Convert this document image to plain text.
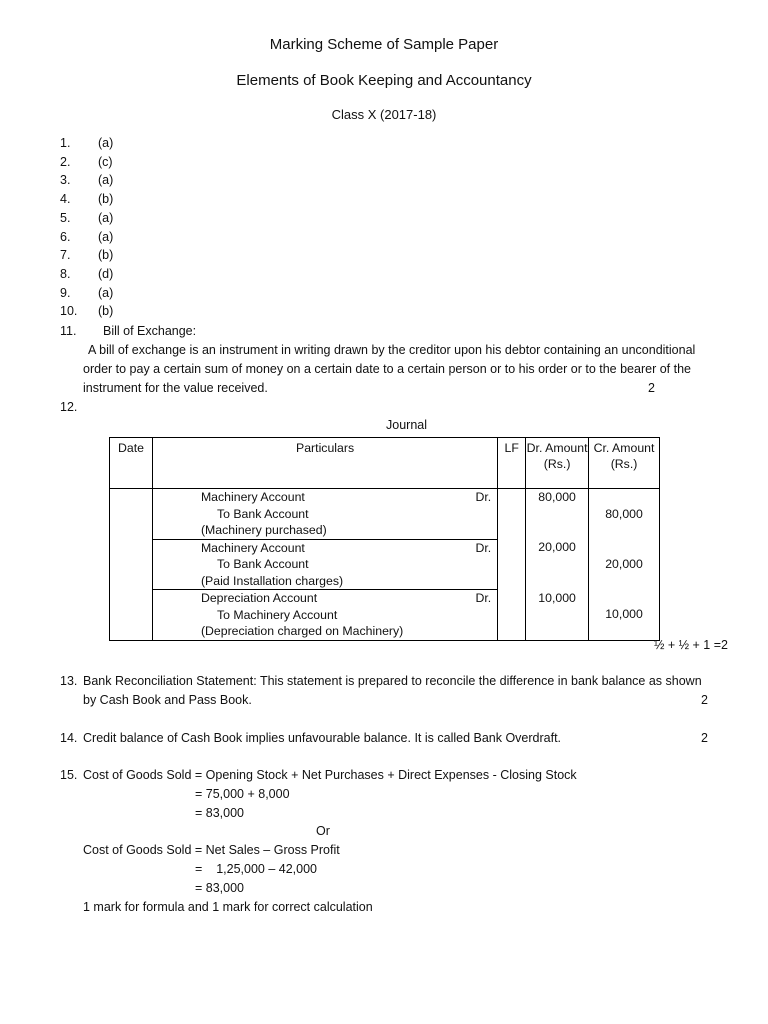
Marking Scheme of Sample Paper
Elements of Book Keeping and Accountancy
Class X (2017-18)
1. (a)
2. (c)
3. (a)
4. (b)
5. (a)
6. (a)
7. (b)
8. (d)
9. (a)
10. (b)
11. Bill of Exchange:
A bill of exchange is an instrument in writing drawn by the creditor upon his debtor containing an unconditional
order to pay a certain sum of money on a certain date to a certain person or to his order or to the bearer of the
instrument for the value received.	2
12.
Journal
Date	Particulars	LF	Dr. Amount (Rs.)	Cr. Amount (Rs.)

	Machinery Account Dr.
To Bank Account
(Machinery purchased)		80,000	80,000

	Machinery Account Dr.
To Bank Account
(Paid Installation charges)		20,000	20,000

	Depreciation Account Dr.
To Machinery Account
(Depreciation charged on Machinery)		10,000	10,000
½ + ½ + 1 =2
13. Bank Reconciliation Statement: This statement is prepared to reconcile the difference in bank balance as shown
by Cash Book and Pass Book.	2
14. Credit balance of Cash Book implies unfavourable balance. It is called Bank Overdraft.	2
15. Cost of Goods Sold = Opening Stock + Net Purchases + Direct Expenses - Closing Stock
= 75,000 + 8,000
= 83,000
Or
Cost of Goods Sold = Net Sales – Gross Profit
=    1,25,000 – 42,000
= 83,000
1 mark for formula and 1 mark for correct calculation
